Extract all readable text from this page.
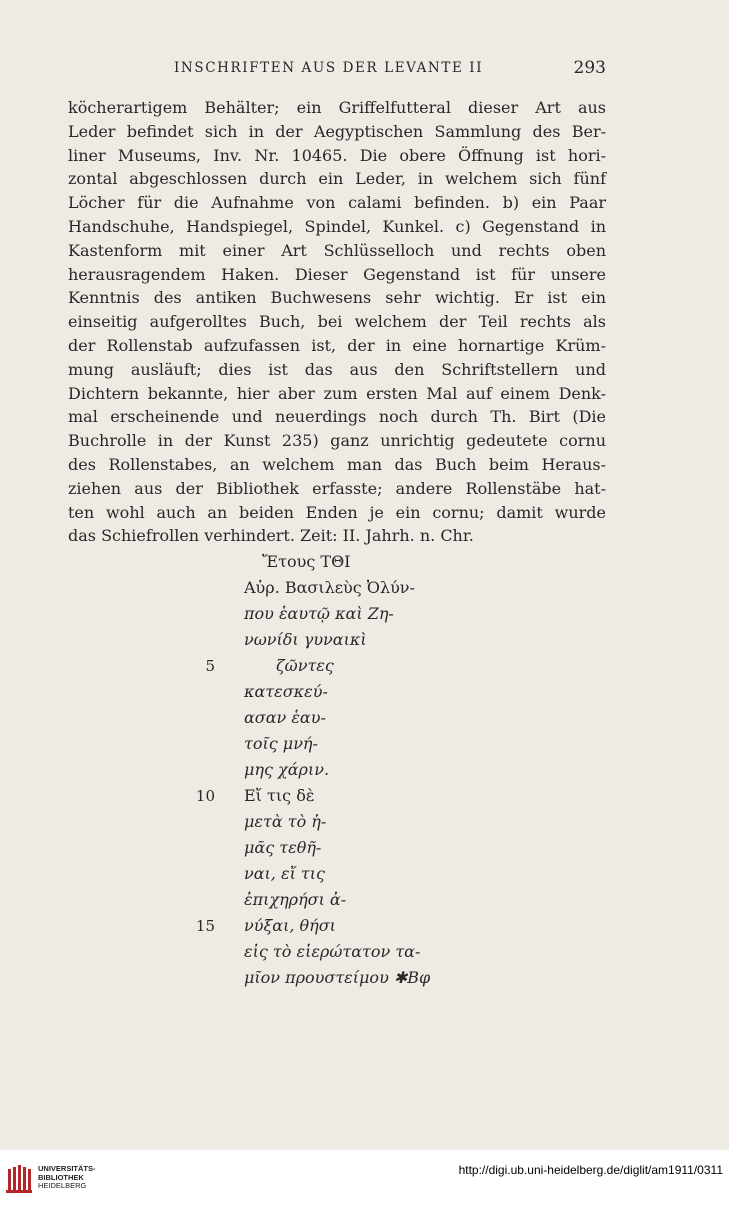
INSCHRIFTEN AUS DER LEVANTE II	293
köcherartigem Behälter; ein Griffelfutteral dieser Art aus
Leder befindet sich in der Aegyptischen Sammlung des Ber-
liner Museums, Inv. Nr. 10465. Die obere Öffnung ist hori-
zontal abgeschlossen durch ein Leder, in welchem sich fünf
Löcher für die Aufnahme von calami befinden. b) ein Paar
Handschuhe, Handspiegel, Spindel, Kunkel. c) Gegenstand in
Kastenform mit einer Art Schlüsselloch und rechts oben
herausragendem Haken. Dieser Gegenstand ist für unsere
Kenntnis des antiken Buchwesens sehr wichtig. Er ist ein
einseitig aufgerolltes Buch, bei welchem der Teil rechts als
der Rollenstab aufzufassen ist, der in eine hornartige Krüm-
mung ausläuft; dies ist das aus den Schriftstellern und
Dichtern bekannte, hier aber zum ersten Mal auf einem Denk-
mal erscheinende und neuerdings noch durch Th. Birt (Die
Buchrolle in der Kunst 235) ganz unrichtig gedeutete cornu
des Rollenstabes, an welchem man das Buch beim Heraus-
ziehen aus der Bibliothek erfasste; andere Rollenstäbe hat-
ten wohl auch an beiden Enden je ein cornu; damit wurde
das Schiefrollen verhindert. Zeit: II. Jahrh. n. Chr.
Ἔτους ΤΘΙ
Αὐρ. Βασιλεὺς Ὀλύν-
που ἑαυτῷ καὶ Ζη-
νωνίδι γυναικὶ
5	ζῶντες
κατεσκεύ-
ασαν ἑαυ-
τοῖς μνή-
μης χάριν.
10 Εἴ τις δὲ
μετὰ τὸ ἡ-
μᾶς τεθῆ-
ναι, εἴ τις
ἐπιχηρήσι ἀ-
15 νύξαι, θήσι
εἰς τὸ εἱερώτατον τα-
μῖον προυστείμου ✱Βφ
UNIVERSITÄTS-
BIBLIOTHEK
HEIDELBERG
http://digi.ub.uni-heidelberg.de/diglit/am1911/0311
